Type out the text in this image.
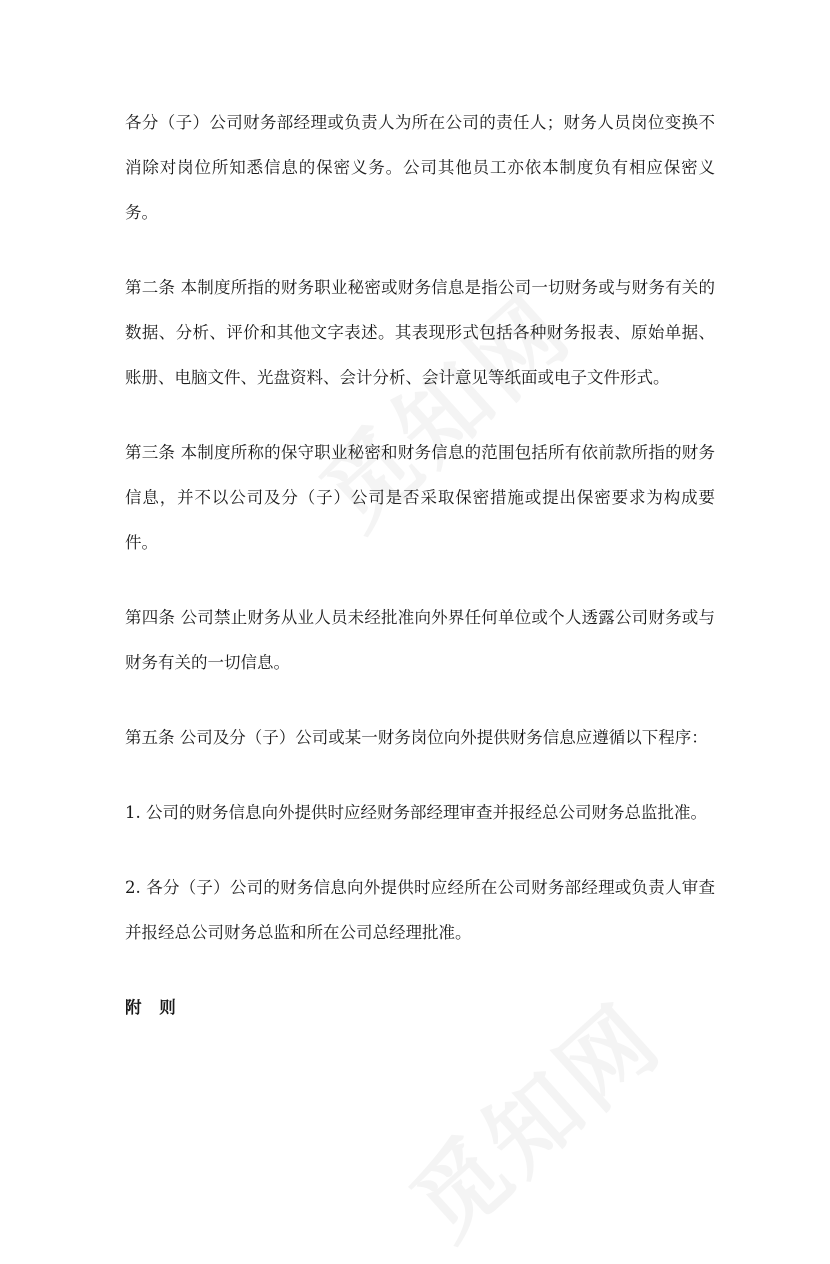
各分（子）公司财务部经理或负责人为所在公司的责任人；财务人员岗位变换不消除对岗位所知悉信息的保密义务。公司其他员工亦依本制度负有相应保密义务。

第二条 本制度所指的财务职业秘密或财务信息是指公司一切财务或与财务有关的数据、分析、评价和其他文字表述。其表现形式包括各种财务报表、原始单据、账册、电脑文件、光盘资料、会计分析、会计意见等纸面或电子文件形式。

第三条 本制度所称的保守职业秘密和财务信息的范围包括所有依前款所指的财务信息，并不以公司及分（子）公司是否采取保密措施或提出保密要求为构成要件。

第四条 公司禁止财务从业人员未经批准向外界任何单位或个人透露公司财务或与财务有关的一切信息。

第五条 公司及分（子）公司或某一财务岗位向外提供财务信息应遵循以下程序：

1. 公司的财务信息向外提供时应经财务部经理审查并报经总公司财务总监批准。

2. 各分（子）公司的财务信息向外提供时应经所在公司财务部经理或负责人审查并报经总公司财务总监和所在公司总经理批准。

附 则
